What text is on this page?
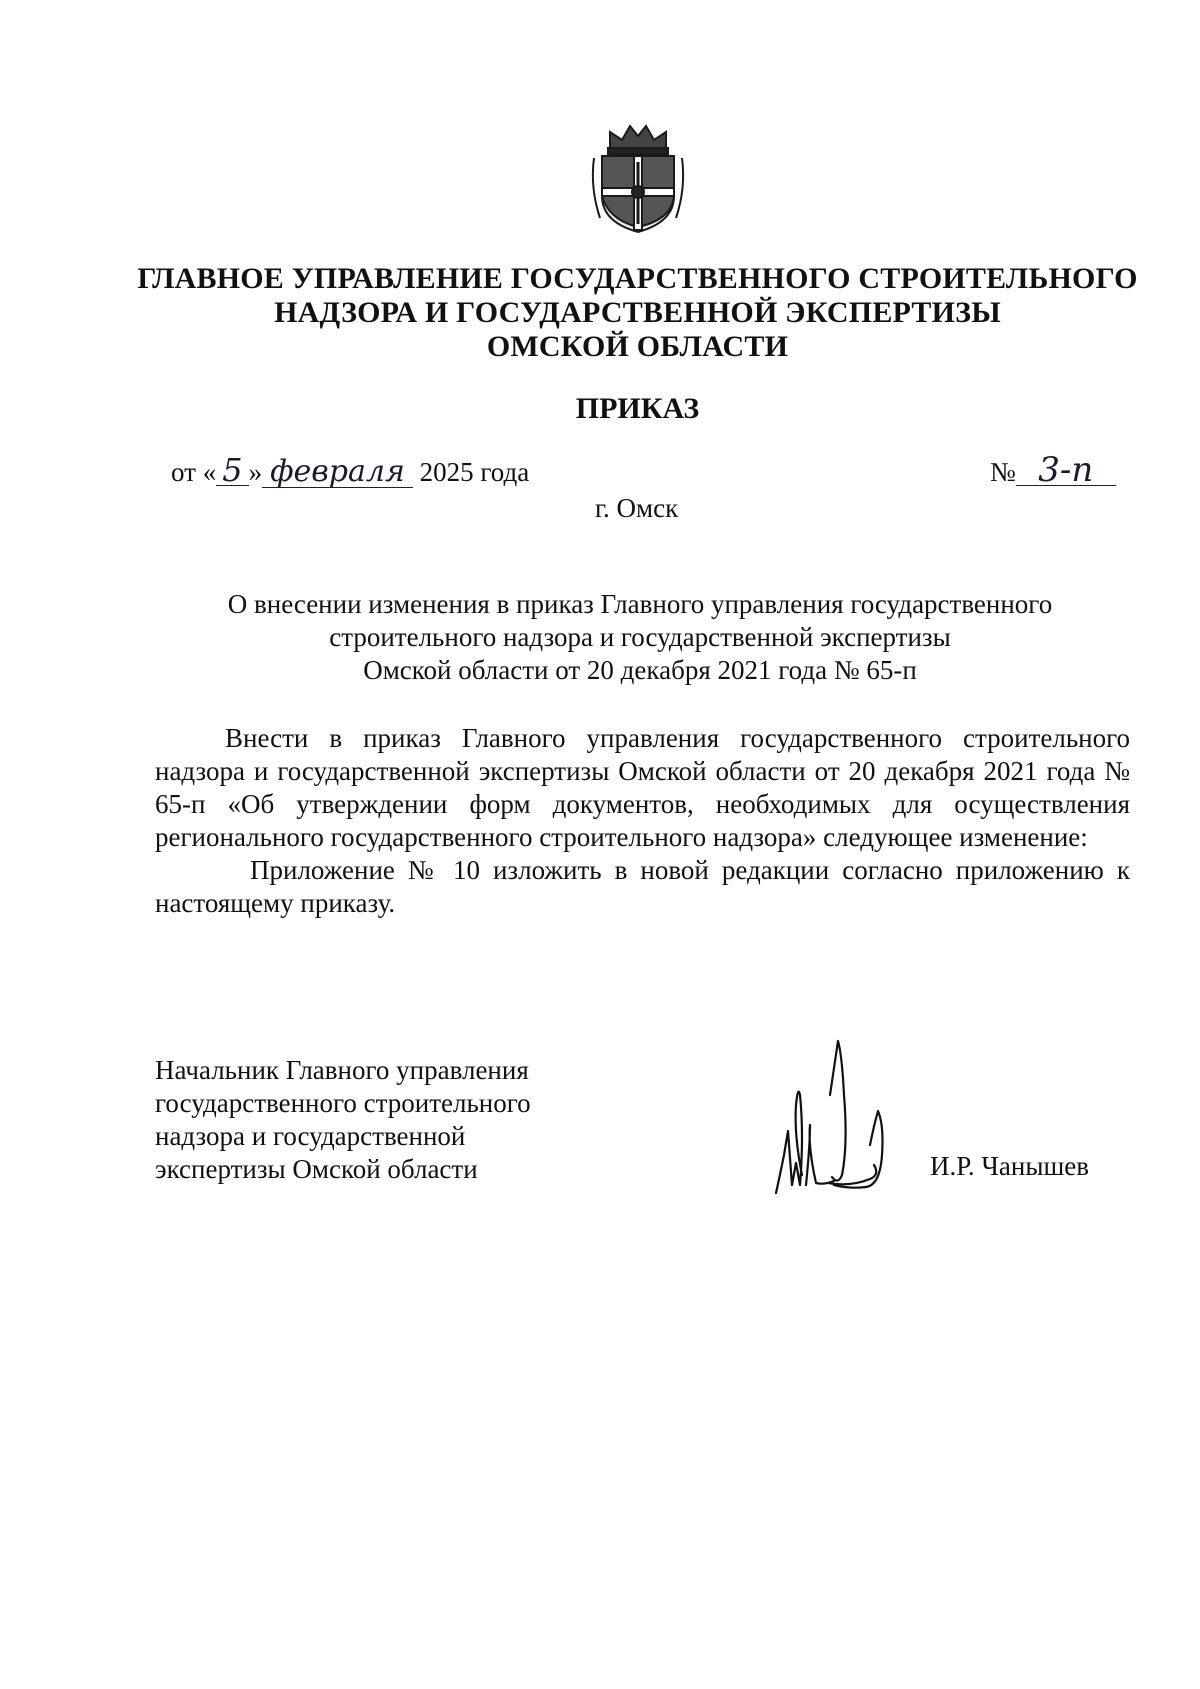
ГЛАВНОЕ УПРАВЛЕНИЕ ГОСУДАРСТВЕННОГО СТРОИТЕЛЬНОГО
НАДЗОРА И ГОСУДАРСТВЕННОЙ ЭКСПЕРТИЗЫ
ОМСКОЙ ОБЛАСТИ
ПРИКАЗ
от « 5 » февраля 2025 года	№ 3-п
г. Омск
О внесении изменения в приказ Главного управления государственного
строительного надзора и государственной экспертизы
Омской области от 20 декабря 2021 года № 65-п

Внести в приказ Главного управления государственного строительного надзора и государственной экспертизы Омской области от 20 декабря 2021 года № 65-п «Об утверждении форм документов, необходимых для осуществления регионального государственного строительного надзора» следующее изменение:

Приложение № 10 изложить в новой редакции согласно приложению к настоящему приказу.

Начальник Главного управления
государственного строительного
надзора и государственной
экспертизы Омской области	И.Р. Чанышев
